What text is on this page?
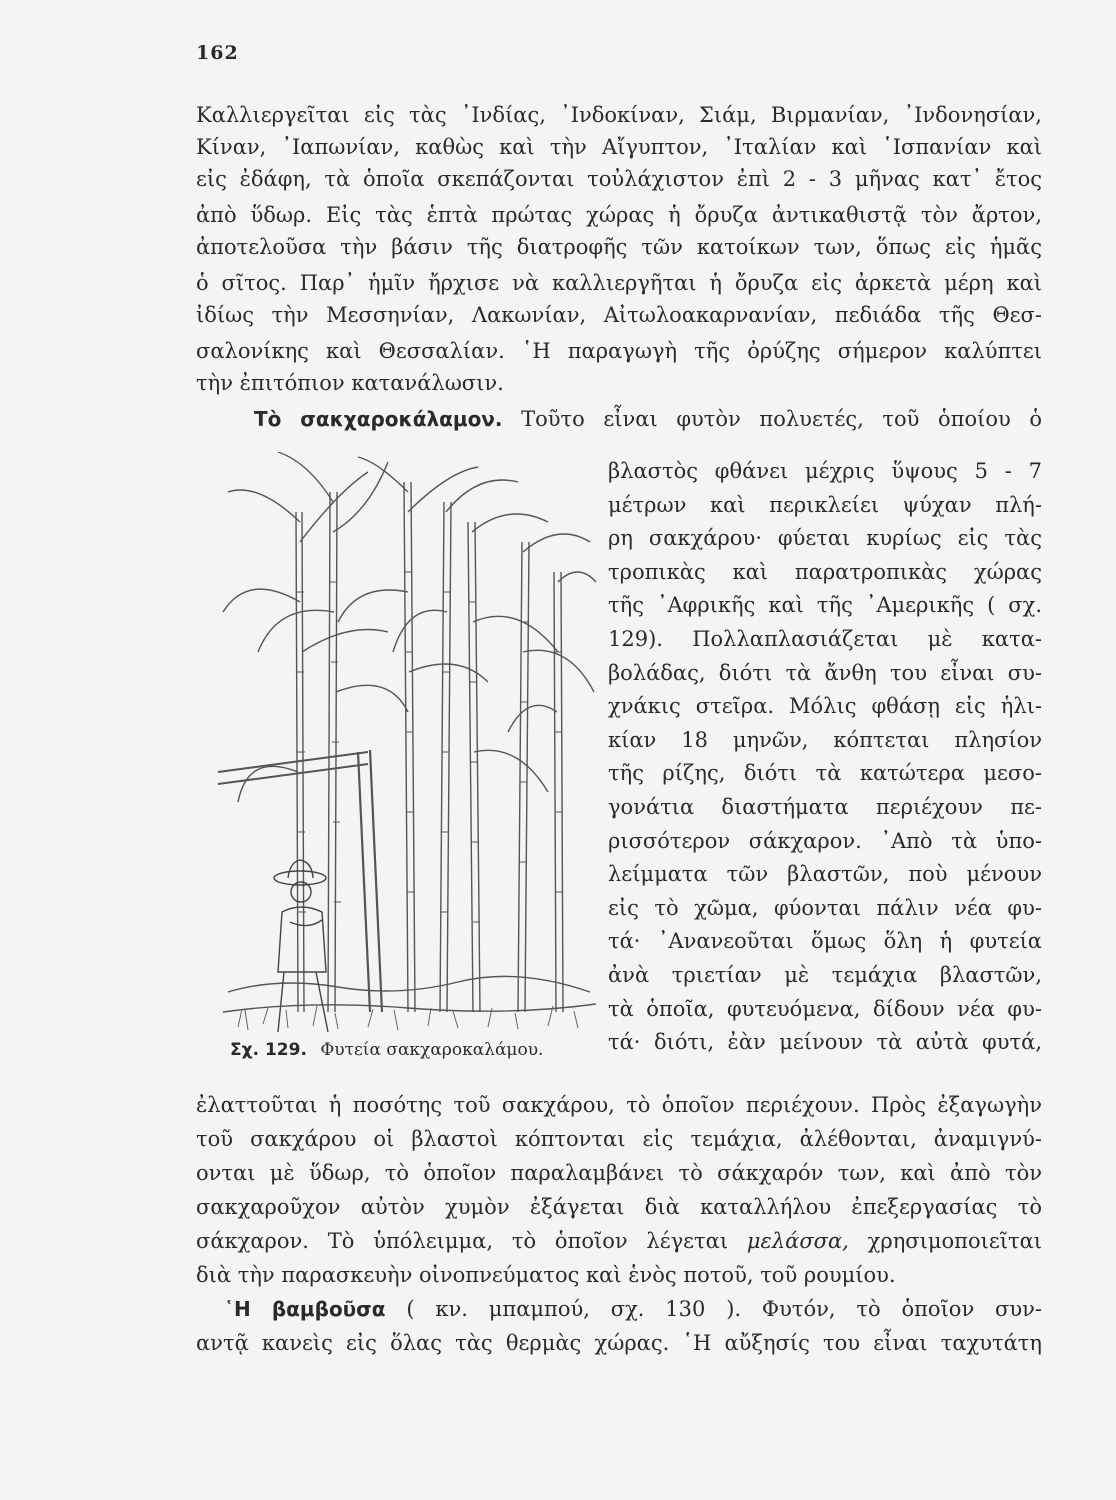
162
Καλλιεργεῖται εἰς τὰς ᾿Ινδίας, ᾿Ινδοκίναν, Σιάμ, Βιρμανίαν, ᾿Ινδονησίαν,
Κίναν, ᾿Ιαπωνίαν, καθὼς καὶ τὴν Αἴγυπτον, ᾿Ιταλίαν καὶ ῾Ισπανίαν καὶ
εἰς ἐδάφη, τὰ ὁποῖα σκεπάζονται τοὐλάχιστον ἐπὶ 2 - 3 μῆνας κατ᾿ ἔτος
ἀπὸ ὕδωρ. Εἰς τὰς ἑπτὰ πρώτας χώρας ἡ ὄρυζα ἀντικαθιστᾷ τὸν ἄρτον,
ἀποτελοῦσα τὴν βάσιν τῆς διατροφῆς τῶν κατοίκων των, ὅπως εἰς ἡμᾶς
ὁ σῖτος. Παρ᾿ ἡμῖν ἤρχισε νὰ καλλιεργῆται ἡ ὄρυζα εἰς ἀρκετὰ μέρη καὶ
ἰδίως τὴν Μεσσηνίαν, Λακωνίαν, Αἰτωλοακαρνανίαν, πεδιάδα τῆς Θεσ-
σαλονίκης καὶ Θεσσαλίαν. ῾Η παραγωγὴ τῆς ὀρύζης σήμερον καλύπτει
τὴν ἐπιτόπιον κατανάλωσιν.
Τὸ σακχαροκάλαμον. Τοῦτο εἶναι φυτὸν πολυετές, τοῦ ὁποίου ὁ
βλαστὸς φθάνει μέχρις ὕψους 5 - 7
μέτρων καὶ περικλείει ψύχαν πλή-
ρη σακχάρου· φύεται κυρίως εἰς τὰς
τροπικὰς καὶ παρατροπικὰς χώρας
τῆς ᾿Αφρικῆς καὶ τῆς ᾿Αμερικῆς ( σχ.
129). Πολλαπλασιάζεται μὲ κατα-
βολάδας, διότι τὰ ἄνθη του εἶναι συ-
χνάκις στεῖρα. Μόλις φθάσῃ εἰς ἡλι-
κίαν 18 μηνῶν, κόπτεται πλησίον
τῆς ρίζης, διότι τὰ κατώτερα μεσο-
γονάτια διαστήματα περιέχουν πε-
ρισσότερον σάκχαρον. ᾿Απὸ τὰ ὑπο-
λείμματα τῶν βλαστῶν, ποὺ μένουν
εἰς τὸ χῶμα, φύονται πάλιν νέα φυ-
τά· ᾿Ανανεοῦται ὅμως ὅλη ἡ φυτεία
ἀνὰ τριετίαν μὲ τεμάχια βλαστῶν,
τὰ ὁποῖα, φυτευόμενα, δίδουν νέα φυ-
τά· διότι, ἐὰν μείνουν τὰ αὐτὰ φυτά,
ἐλαττοῦται ἡ ποσότης τοῦ σακχάρου, τὸ ὁποῖον περιέχουν. Πρὸς ἐξαγωγὴν
τοῦ σακχάρου οἱ βλαστοὶ κόπτονται εἰς τεμάχια, ἀλέθονται, ἀναμιγνύ-
ονται μὲ ὕδωρ, τὸ ὁποῖον παραλαμβάνει τὸ σάκχαρόν των, καὶ ἀπὸ τὸν
σακχαροῦχον αὐτὸν χυμὸν ἐξάγεται διὰ καταλλήλου ἐπεξεργασίας τὸ
σάκχαρον. Τὸ ὑπόλειμμα, τὸ ὁποῖον λέγεται μελάσσα, χρησιμοποιεῖται
διὰ τὴν παρασκευὴν οἰνοπνεύματος καὶ ἑνὸς ποτοῦ, τοῦ ρουμίου.
῾Η βαμβοῦσα ( κν. μπαμπού, σχ. 130 ). Φυτόν, τὸ ὁποῖον συν-
αντᾷ κανεὶς εἰς ὅλας τὰς θερμὰς χώρας. ῾Η αὔξησίς του εἶναι ταχυτάτη
Σχ. 129. Φυτεία σακχαροκαλάμου.
